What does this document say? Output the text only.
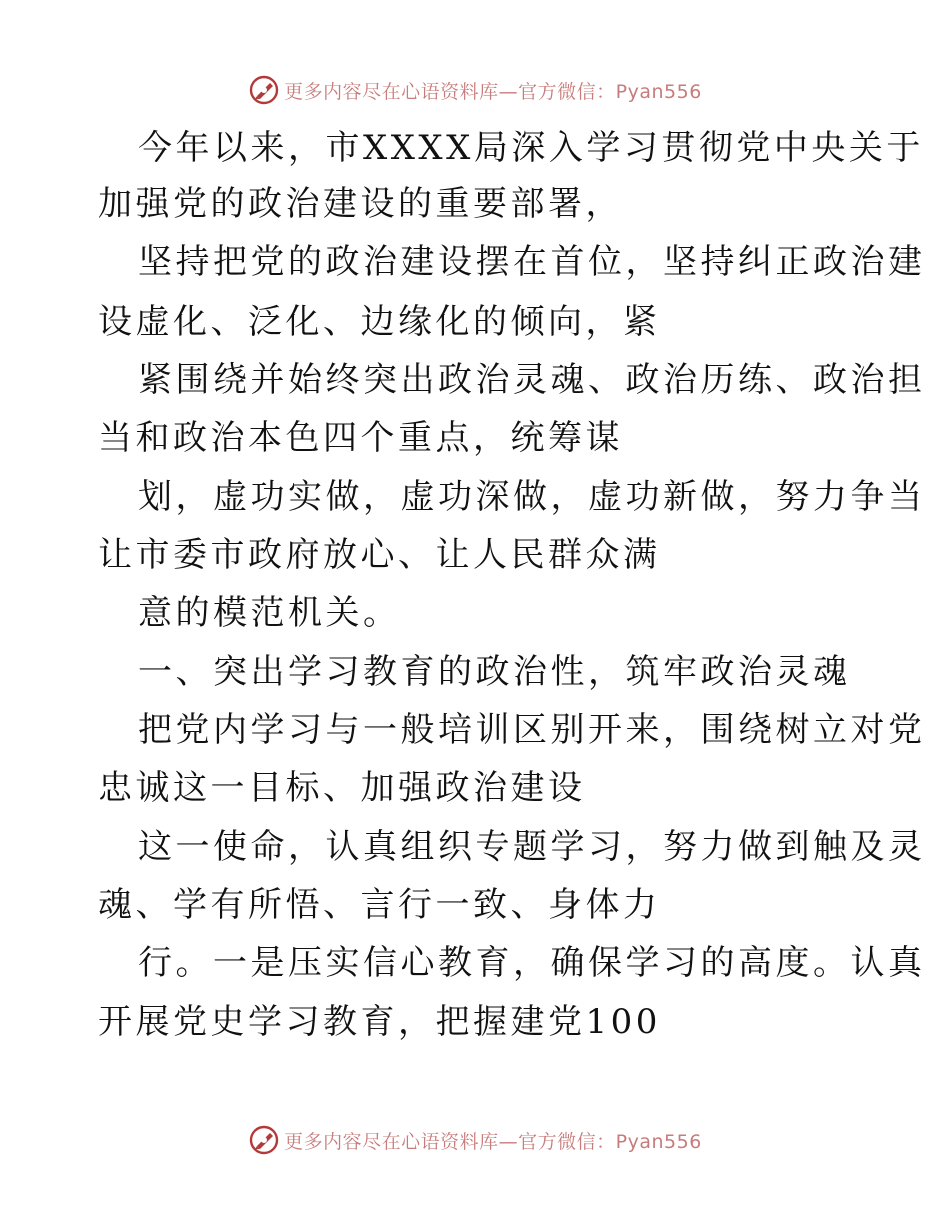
更多内容尽在心语资料库—官方微信：Pyan556
今年以来，市XXXX局深入学习贯彻党中央关于
加强党的政治建设的重要部署，
坚持把党的政治建设摆在首位，坚持纠正政治建
设虚化、泛化、边缘化的倾向，紧
紧围绕并始终突出政治灵魂、政治历练、政治担
当和政治本色四个重点，统筹谋
划，虚功实做，虚功深做，虚功新做，努力争当
让市委市政府放心、让人民群众满
意的模范机关。
一、突出学习教育的政治性，筑牢政治灵魂
把党内学习与一般培训区别开来，围绕树立对党
忠诚这一目标、加强政治建设
这一使命，认真组织专题学习，努力做到触及灵
魂、学有所悟、言行一致、身体力
行。一是压实信心教育，确保学习的高度。认真
开展党史学习教育，把握建党100
更多内容尽在心语资料库—官方微信：Pyan556
